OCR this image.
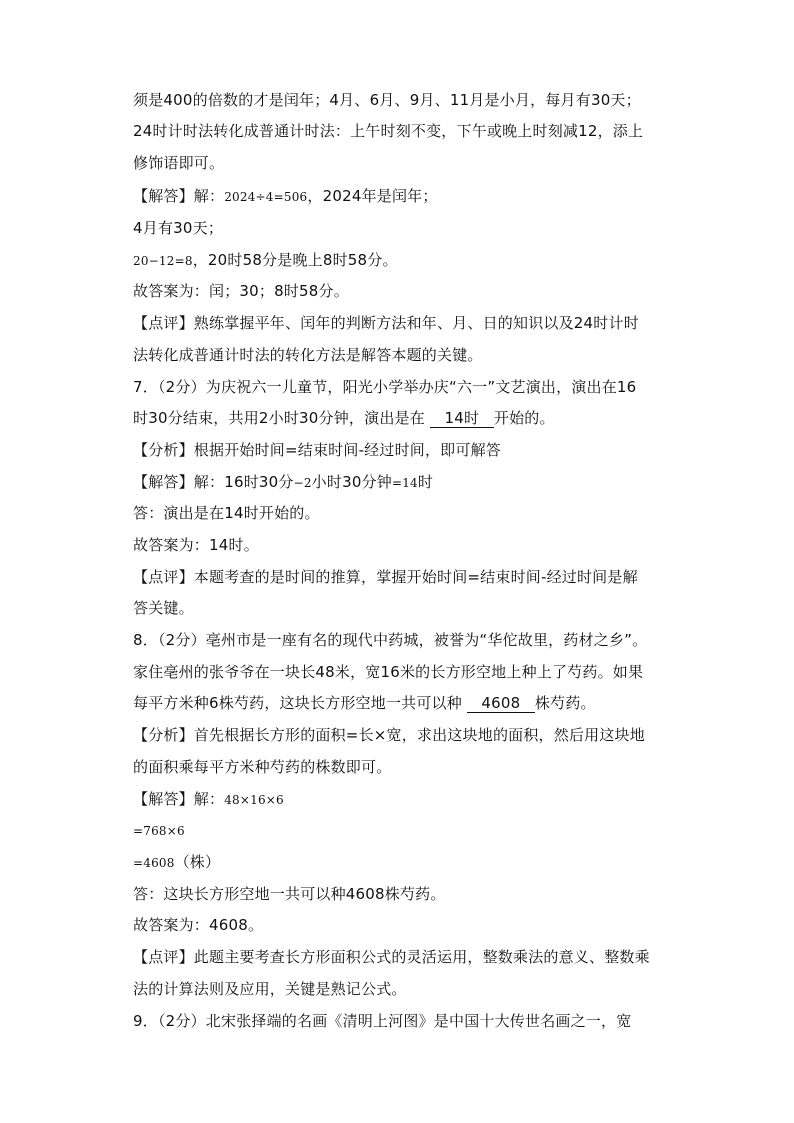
须是400的倍数的才是闰年；4月、6月、9月、11月是小月，每月有30天；
24时计时法转化成普通计时法：上午时刻不变，下午或晚上时刻减12，添上
修饰语即可。
【解答】解：2024÷4=506，2024年是闰年；
4月有30天；
20−12=8，20时58分是晚上8时58分。
故答案为：闰；30；8时58分。
【点评】熟练掌握平年、闰年的判断方法和年、月、日的知识以及24时计时
法转化成普通计时法的转化方法是解答本题的关键。
7．（2分）为庆祝六一儿童节，阳光小学举办庆“六一”文艺演出，演出在16
时30分结束，共用2小时30分钟，演出是在 14时 开始的。
【分析】根据开始时间=结束时间-经过时间，即可解答
【解答】解：16时30分−2小时30分钟=14时
答：演出是在14时开始的。
故答案为：14时。
【点评】本题考查的是时间的推算，掌握开始时间=结束时间-经过时间是解
答关键。
8．（2分）亳州市是一座有名的现代中药城，被誉为“华佗故里，药材之乡”。
家住亳州的张爷爷在一块长48米，宽16米的长方形空地上种上了芍药。如果
每平方米种6株芍药，这块长方形空地一共可以种 4608 株芍药。
【分析】首先根据长方形的面积=长×宽，求出这块地的面积，然后用这块地
的面积乘每平方米种芍药的株数即可。
【解答】解：48×16×6
=768×6
=4608（株）
答：这块长方形空地一共可以种4608株芍药。
故答案为：4608。
【点评】此题主要考查长方形面积公式的灵活运用，整数乘法的意义、整数乘
法的计算法则及应用，关键是熟记公式。
9．（2分）北宋张择端的名画《清明上河图》是中国十大传世名画之一，宽
